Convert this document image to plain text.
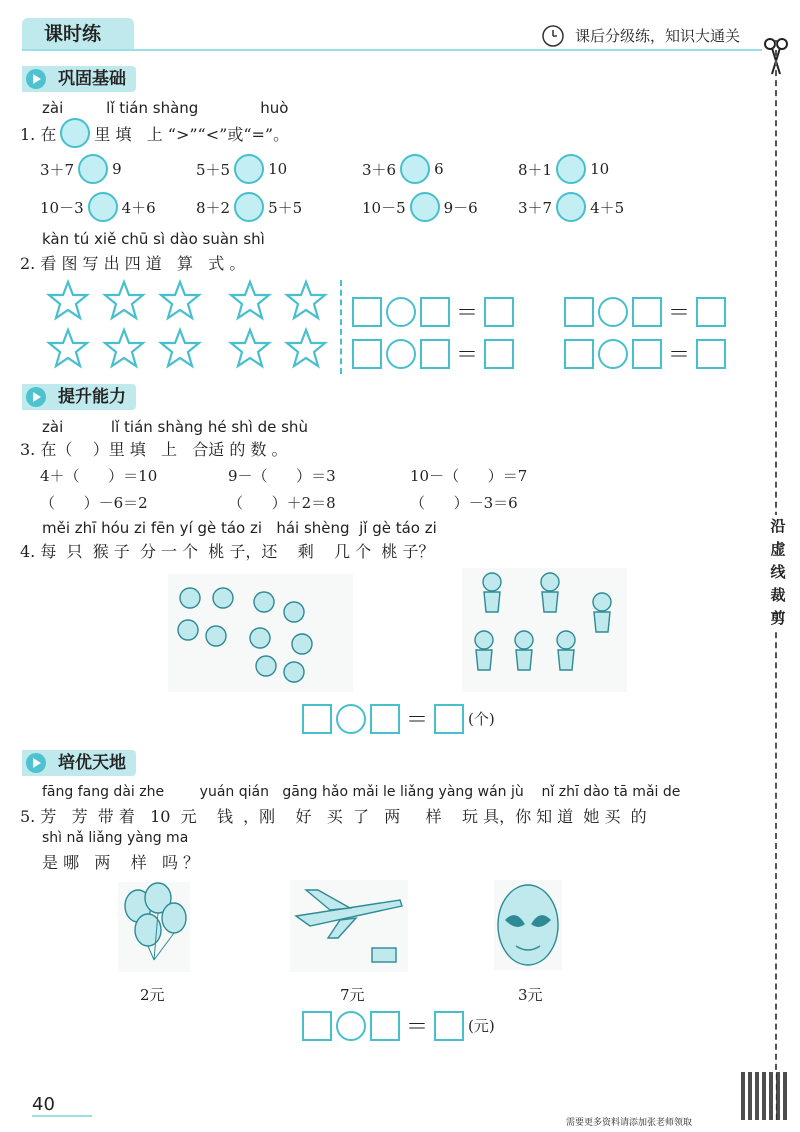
课时练	课后分级练，知识大通关
沿
虚
线
裁
剪
巩固基础
zài         lǐ tián shàng             huò
1. 在 里 填   上 “>”“<”或“=”。
3＋7	9	5＋5	10	3＋6	6	8＋1	10
10－3	4＋6	8＋2	5＋5	10－5	9－6	3＋7	4＋5
kàn tú xiě chū sì dào suàn shì
2. 看 图 写 出 四 道   算   式 。
＝	＝
＝	＝
提升能力
zài          lǐ tián shàng hé shì de shù
3. 在（    ）里 填   上   合适 的 数 。
4＋（      ）＝10	9－（      ）＝3	10－（      ）＝7
（      ）－6＝2	（      ）＋2＝8	（      ）－3＝6
měi zhī hóu zi fēn yí gè táo zi   hái shèng  jǐ gè táo zi
4. 每  只  猴 子  分 一 个  桃 子，还    剩    几 个  桃 子？
＝	(个)
培优天地
fāng fang dài zhe        yuán qián   gāng hǎo mǎi le liǎng yàng wán jù    nǐ zhī dào tā mǎi de
5. 芳   芳  带 着   10  元    钱  ，刚    好   买  了   两     样    玩 具，你 知 道  她 买  的
shì nǎ liǎng yàng ma
是 哪   两    样   吗 ？
2元	7元	3元
＝	(元)
40
需要更多资料请添加张老师领取
